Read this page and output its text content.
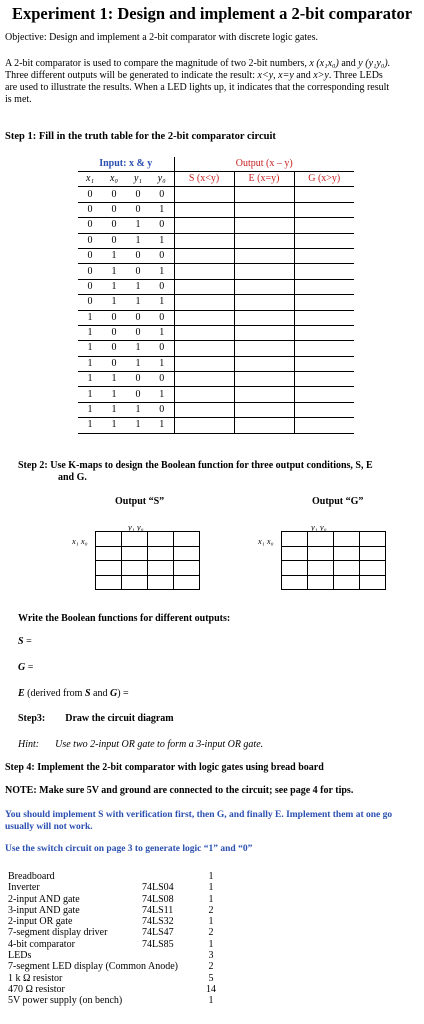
Experiment 1: Design and implement a 2-bit comparator
Objective: Design and implement a 2-bit comparator with discrete logic gates.
A 2-bit comparator is used to compare the magnitude of two 2-bit numbers, x (x₁x₀) and y (y₁y₀).
Three different outputs will be generated to indicate the result: x<y, x=y and x>y. Three LEDs
are used to illustrate the results. When a LED lights up, it indicates that the corresponding result
is met.
Step 1: Fill in the truth table for the 2-bit comparator circuit
Input: x & y				Output (x – y)		
x₁	x₀	y₁	y₀	S (x<y)	E (x=y)	G (x>y)
0	0	0	0			
0	0	0	1			
0	0	1	0			
0	0	1	1			
0	1	0	0			
0	1	0	1			
0	1	1	0			
0	1	1	1			
1	0	0	0			
1	0	0	1			
1	0	1	0			
1	0	1	1			
1	1	0	0			
1	1	0	1			
1	1	1	0			
1	1	1	1			
Step 2: Use K-maps to design the Boolean function for three output conditions, S, E
and G.
Output “S”
y₁ y₀
x₁ x₀

Output “G”
y₁ y₀
x₁ x₀

Write the Boolean functions for different outputs:
S =
G =
E (derived from S and G) =
Step3: Draw the circuit diagram
Hint: Use two 2-input OR gate to form a 3-input OR gate.
Step 4: Implement the 2-bit comparator with logic gates using bread board
NOTE: Make sure 5V and ground are connected to the circuit; see page 4 for tips.
You should implement S with verification first, then G, and finally E. Implement them at one go
usually will not work.
Use the switch circuit on page 3 to generate logic “1” and “0”
Breadboard		1
Inverter	74LS04	1
2-input AND gate	74LS08	1
3-input AND gate	74LS11	2
2-input OR gate	74LS32	1
7-segment display driver	74LS47	2
4-bit comparator	74LS85	1
LEDs		3
7-segment LED display (Common Anode)		2
1 k Ω resistor		5
470 Ω resistor		14
5V power supply (on bench)		1
